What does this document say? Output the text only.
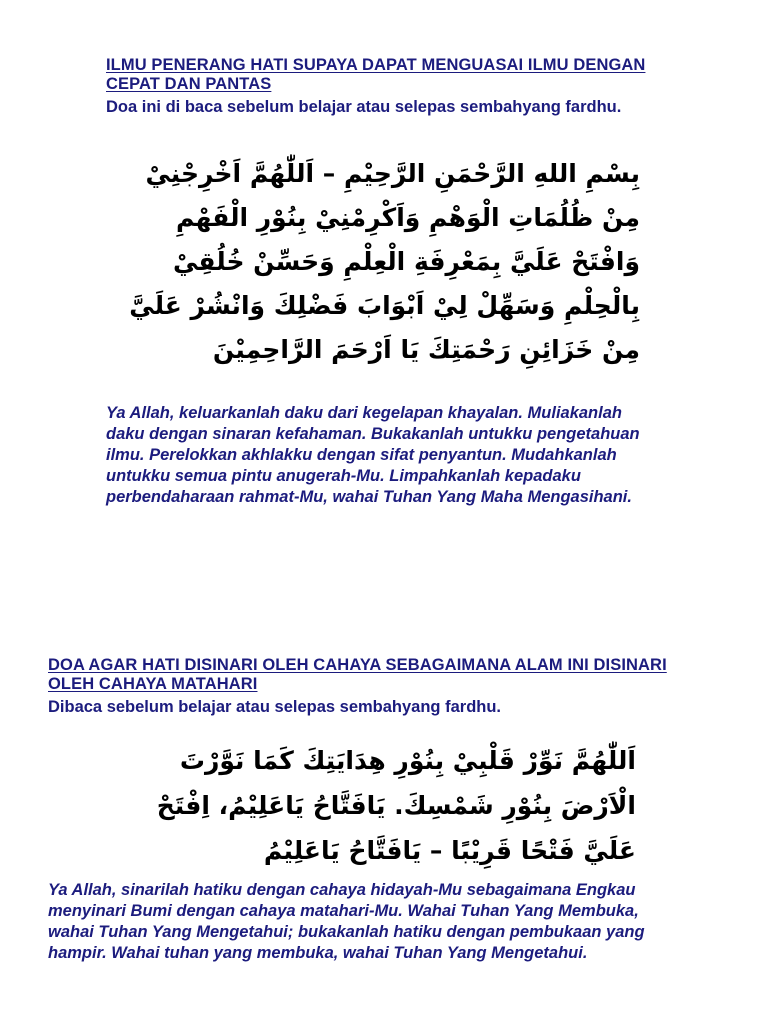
ILMU PENERANG HATI SUPAYA DAPAT MENGUASAI ILMU DENGAN CEPAT DAN PANTAS

Doa ini di baca sebelum belajar atau selepas sembahyang fardhu.

بِسْمِ اللهِ الرَّحْمَنِ الرَّحِيْمِ – اَللّٰهُمَّ اَخْرِجْنِيْ مِنْ ظُلُمَاتِ الْوَهْمِ وَاَكْرِمْنِيْ بِنُوْرِ الْفَهْمِ وَافْتَحْ عَلَيَّ بِمَعْرِفَةِ الْعِلْمِ وَحَسِّنْ خُلُقِيْ بِالْحِلْمِ وَسَهِّلْ لِيْ اَبْوَابَ فَضْلِكَ وَانْشُرْ عَلَيَّ مِنْ خَزَائِنِ رَحْمَتِكَ يَا اَرْحَمَ الرَّاحِمِيْنَ

Ya Allah, keluarkanlah daku dari kegelapan khayalan. Muliakanlah daku dengan sinaran kefahaman. Bukakanlah untukku pengetahuan ilmu. Perelokkan akhlakku dengan sifat penyantun. Mudahkanlah untukku semua pintu anugerah-Mu. Limpahkanlah kepadaku perbendaharaan rahmat-Mu, wahai Tuhan Yang Maha Mengasihani.

DOA AGAR HATI DISINARI OLEH CAHAYA SEBAGAIMANA ALAM INI DISINARI OLEH CAHAYA MATAHARI

Dibaca sebelum belajar atau selepas sembahyang fardhu.

اَللّٰهُمَّ نَوِّرْ قَلْبِيْ بِنُوْرِ هِدَايَتِكَ كَمَا نَوَّرْتَ الْاَرْضَ بِنُوْرِ شَمْسِكَ. يَافَتَّاحُ يَاعَلِيْمُ، اِفْتَحْ عَلَيَّ فَتْحًا قَرِيْبًا – يَافَتَّاحُ يَاعَلِيْمُ

Ya Allah, sinarilah hatiku dengan cahaya hidayah-Mu sebagaimana Engkau menyinari Bumi dengan cahaya matahari-Mu. Wahai Tuhan Yang Membuka, wahai Tuhan Yang Mengetahui; bukakanlah hatiku dengan pembukaan yang hampir. Wahai tuhan yang membuka, wahai Tuhan Yang Mengetahui.
